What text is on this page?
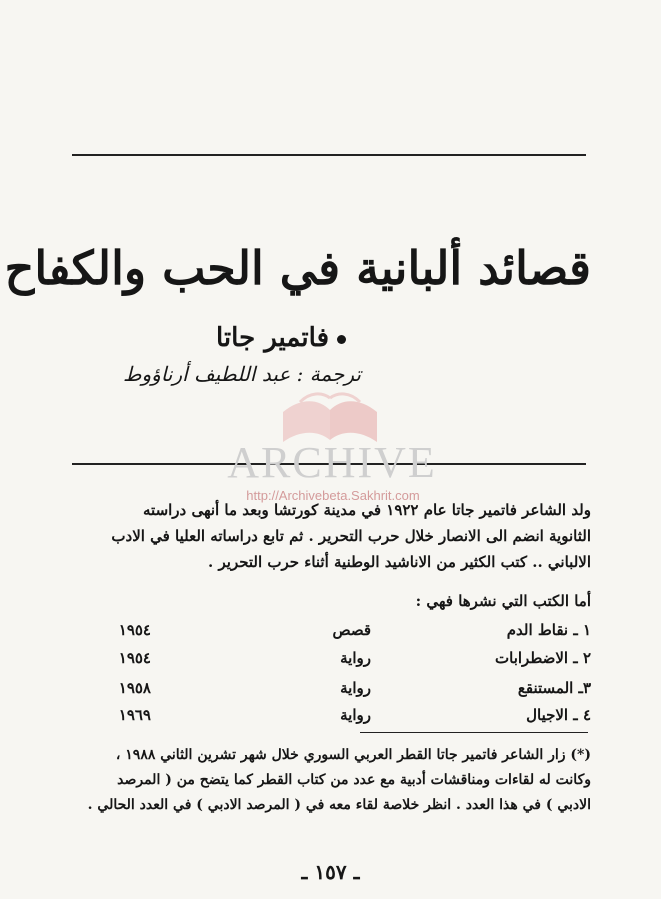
ARCHIVE
http://Archivebeta.Sakhrit.com
قصائد ألبانية في الحب والكفاح
فاتمير جاتا
ترجمة : عبد اللطيف أرناؤوط
ولد الشاعر فاتمير جاتا عام ١٩٢٢ في مدينة كورتشا وبعد ما أنهى دراسته
الثانوية انضم الى الانصار خلال حرب التحرير . ثم تابع دراساته العليا في الادب
الالباني .. كتب الكثير من الاناشيد الوطنية أثناء حرب التحرير .
أما الكتب التي نشرها فهي :
١ ـ نقاط الدم
قصص
١٩٥٤
٢ ـ الاضطرابات
رواية
١٩٥٤
٣ـ المستنقع
رواية
١٩٥٨
٤ ـ الاجيال
رواية
١٩٦٩
(*) زار الشاعر فاتمير جاتا القطر العربي السوري خلال شهر تشرين الثاني ١٩٨٨ ،
وكانت له لقاءات ومناقشات أدبية مع عدد من كتاب القطر كما يتضح من ( المرصد
الادبي ) في هذا العدد . انظر خلاصة لقاء معه في ( المرصد الادبي ) في العدد الحالي .
ـ ١٥٧ ـ
